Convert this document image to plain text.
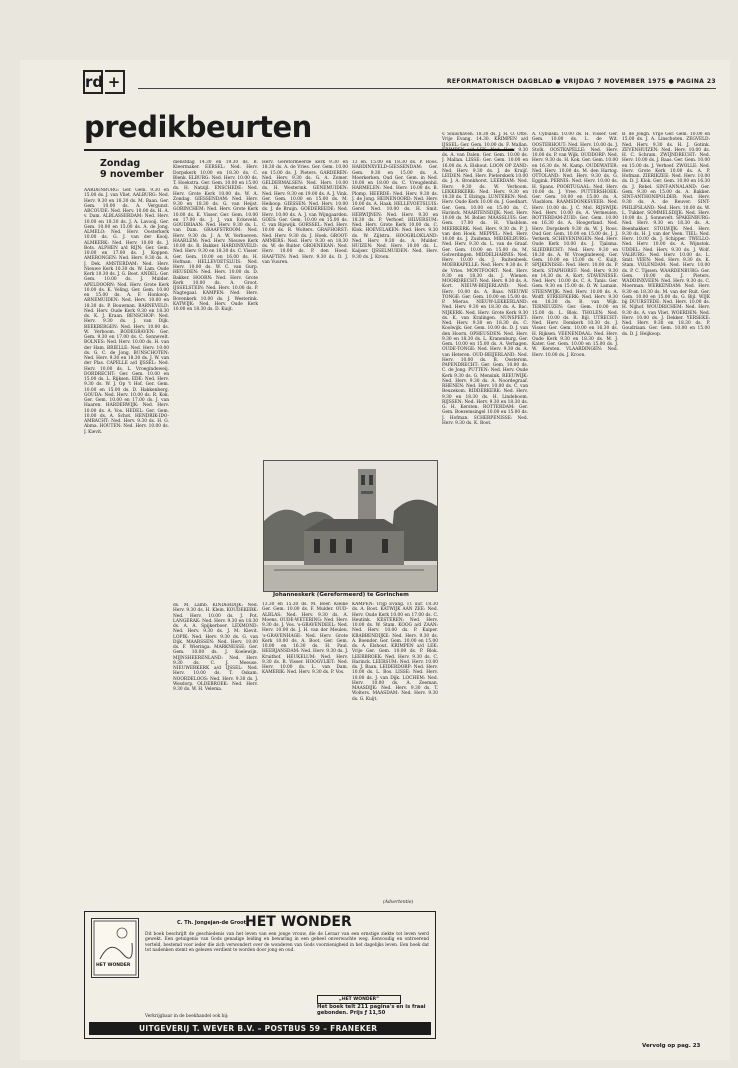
rd +	REFORMATORISCH DAGBLAD ● VRIJDAG 7 NOVEMBER 1975 ● PAGINA 23
predikbeurten
Zondag
9 november

AARDENBURG: Ger. Gem. 9.30 en 15.00 ds. J. van Vliet. AALBURG: Ned. Herv. 9.30 en 18.30 ds. M. Baan. Ger. Gem. 10.00 ds. A. Vergunst. ABCOUDE: Ned. Herv. 10.00 ds. H. A. v. Dam. ALBLASSERDAM: Ned. Herv. 10.00 en 18.30 ds. J. A. Lavooij. Ger. Gem. 10.00 en 15.00 ds. A. de Jong. ALMELO: Ned. Herv. Oosterkerk 10.00 ds. G. J. van der Kooij. ALMKERK: Ned. Herv. 10.00 ds. J. Bots. ALPHEN a/d RIJN: Ger. Gem. 10.00 en 17.00 ds. J. Koppen. AMERONGEN: Ned. Herv. 9.30 ds. A. J. Dek. AMSTERDAM: Ned. Herv. Nieuwe Kerk 10.30 ds. W. Lam. Oude Kerk 10.30 ds. J. G. Boot. ANDEL: Ger. Gem. 10.00 ds. J. Mulder. APELDOORN: Ned. Herv. Grote Kerk 10.00 ds. K. Veling. Ger. Gem. 10.00 en 15.00 ds. A. F. Honkoop. ARNEMUIDEN: Ned. Herv. 10.00 en 18.30 ds. P. Bouwman. BARNEVELD: Ned. Herv. Oude Kerk 9.30 en 18.30 ds. K. J. Kraan. BENSCHOP: Ned. Herv. 9.30 ds. J. van Dijk. BEEKBERGEN: Ned. Herv. 10.00 ds. W. Verboom. BODEGRAVEN: Ger. Gem. 9.30 en 17.00 ds. C. Sonnevelt. BOLNES: Ned. Herv. 10.00 ds. H. van der Ham. BRIELLE: Ned. Herv. 10.00 ds. G. C. de Jong. BUNSCHOTEN: Ned. Herv. 9.30 en 18.30 ds. J. W. van der Plas. CAPELLE a/d IJSSEL: Ned. Herv. 10.00 ds. L. Vroegindeweij. DORDRECHT: Ger. Gem. 10.00 en 15.00 ds. L. Rijksen. EDE: Ned. Herv. 9.30 ds. W. J. Op 't Hof. Ger. Gem. 10.00 en 15.00 ds. D. Hakkenberg. GOUDA: Ned. Herv. 10.00 ds. R. Kok. Ger. Gem. 10.00 en 17.00 ds. J. van Haaren. HARDERWIJK: Ned. Herv. 10.00 ds. A. Vos. HEDEL: Ger. Gem. 10.00 ds. A. Schot. HENDRIK-IDO-AMBACHT: Ned. Herv. 9.30 ds. H. G. Abma. HOUTEN: Ned. Herv. 10.00 ds. J. Kievit.

dienstdag 14.30 en 19.30 ds. B. Kleermaker. EERSEL: Ned. Herv. Dorpskerk 10.00 en 18.30 ds. C. Blenk. ELBURG: Ned. Herv. 10.00 ds. T. Hoekstra. Ger. Gem. 10.00 en 15.00 ds. H. Natzijl. ENSCHEDE: Ned. Herv. Grote Kerk 10.00 ds. W. A. Zondag. GIESSENDAM: Ned. Herv. 9.30 en 18.30 ds. G. van Heijst. GORINCHEM: Ned. Herv. Grote Kerk 10.00 ds. K. Visser. Ger. Gem. 10.00 en 17.00 ds. J. J. van Eckeveld. GOUDRIAAN: Ned. Herv. 9.30 ds. L. van Dam. GRAAFSTROOM: Ned. Herv. 9.30 ds. J. A. W. Verhoeven. HAARLEM: Ned. Herv. Nieuwe Kerk 10.00 ds. R. Bakker. HARDINXVELD: Ned. Herv. 9.30 en 18.30 ds. C. Visser. Ger. Gem. 10.00 en 16.00 ds. H. Hofman. HELLEVOETSLUIS: Ned. Herv. 10.00 ds. W. C. van Gurp. HEUSDEN: Ned. Herv. 10.00 ds. D. Bakker. HOORN: Ned. Herv. Grote Kerk 10.00 ds. A. Groot. IJSSELSTEIN: Ned. Herv. 10.00 ds. P. Nagtegaal. KAMPEN: Ned. Herv. Bovenkerk 10.00 ds. J. Westerink. KATWIJK: Ned. Herv. Oude Kerk 10.00 en 18.30 ds. D. Kuijt.

Herv. Gereformeerde kerk 9.30 en 18.30 ds. A. de Vries. Ger. Gem. 10.00 en 15.00 ds. J. Pieters. GARDEREN: Ned. Herv. 9.30 ds. G. A. Zomer. GELDERMALSEN: Ned. Herv. 10.00 ds. H. Westerink. GENEMUIDEN: Ned. Herv. 9.30 en 19.00 ds. A. J. Vink. Ger. Gem. 10.00 en 15.00 ds. M. Heikoop. GIESSEN: Ned. Herv. 10.00 ds. J. de Bruijn. GOEDEREEDE: Ned. Herv. 10.00 ds. A. J. van Wijngaarden. GOES: Ger. Gem. 10.00 en 15.00 ds. C. van Rijswijk. GORSSEL: Ned. Herv. 10.00 ds. B. Wolters. GRAFHORST: Ned. Herv. 9.30 ds. J. Hoek. GROOT-AMMERS: Ned. Herv. 9.30 en 18.30 ds. W. de Ruiter. GROENEKAN: Ned. Herv. 10.00 ds. P. den Hoed. HAAFTEN: Ned. Herv. 9.30 ds. D. J. van Vuuren.

13 en. 15.00 en 18.30 ds. P. Roos. HARDINXVELD-GIESSENDAM: Ger. Gem. 9.30 en 15.00 ds. A. Moerkerken. Oud Ger. Gem. in Ned. 10.00 en 18.00 ds. C. Vreugdenhil. HARMELEN: Ned. Herv. 10.00 ds. B. Plomp. HEERDE: Ned. Herv. 9.30 ds. J. de Jong. HEINENOORD: Ned. Herv. 10.00 ds. A. Haak. HELLEVOETSLUIS: Geref. Ned. 10.00 ds. H. Smit. HERWIJNEN: Ned. Herv. 9.30 en 18.30 ds. P. Verhoef. HILVERSUM: Ned. Herv. Grote Kerk 10.00 ds. C. Klok. HOEVELAKEN: Ned. Herv. 9.30 ds. W. Zijlstra. HOOGBLOKLAND: Ned. Herv. 9.30 ds. A. Mulder. HUIZEN: Ned. Herv. 10.00 ds. L. Kaijser. IJSSELMUIDEN: Ned. Herv. 9.30 ds. J. Kroon.

v. Sluis/haven. 18.30 ds. J. H. O. Otte. Vrije Evang. 14.30. KRIMPEN a/d IJSSEL: Ger. Gem. 10.00 ds. F. Mallan. KRIMPEN a/d LEK: Ned. Herv. 9.30 ds. A. van Dalen. Ger. Gem. 10.00 ds. J. Mallan. LISSE: Ger. Gem. 10.00 en 16.00 ds. A. Elshout. LOON OP ZAND: Ned. Herv. 9.30 ds. J. de Kruijf. LEIDEN: Ned. Herv. Pieterskerk 10.00 ds. J. A. Bronkhorst. LEERDAM: Ned. Herv. 9.30 ds. W. Verboom. LEKKERKERK: Ned. Herv. 9.30 en 18.30 ds. T. Elzinga. LUNTEREN: Ned. Herv. Oude Kerk 10.00 ds. J. Goedhart. Ger. Gem. 10.00 en 15.00 ds. C. Harinck. MAARTENSDIJK: Ned. Herv. 10.00 ds. M. Bolier. MAASSLUIS: Ger. Gem. 17.00 ds. H. Vlasblom. MEERKERK: Ned. Herv. 9.30 ds. P. J. van den Hoek. MEPPEL: Ned. Herv. 10.00 ds. J. Zuidema. MIDDELBURG: Ned. Herv. 9.30 ds. L. van de Graaf. Ger. Gem. 10.00 en 15.00 ds. M. Golverdingen. MIDDELHARNIS: Ned. Herv. 10.00 ds. J. Ruitenbeek. MOERKAPELLE: Ned. Herv. 9.30 ds. P. de Vries. MONTFOORT: Ned. Herv. 9.30 en 18.30 ds. J. Wienen. MOORDRECHT: Ned. Herv. 9.30 ds. A. Kort. NIEUW-BEIJERLAND: Ned. Herv. 10.00 ds. A. Baas. NIEUWE TONGE: Ger. Gem. 10.00 en 15.00 ds. P. Mieras. NIEUW-LEKKERLAND: Ned. Herv. 9.30 en 18.30 ds. A. Bac. NIJKERK: Ned. Herv. Grote Kerk 9.30 ds. K. van Kralingen. NUNSPEET: Ned. Herv. 9.30 en 18.30 ds. C. Koolwijk. Ger. Gem. 10.00 ds. D. J. van den Hoorn. OPHEUSDEN: Ned. Herv. 9.30 en 18.30 ds. L. Kranenburg. Ger. Gem. 10.00 en 15.00 ds. A. Verhagen. OUDE-TONGE: Ned. Herv. 9.30 ds. A. van Heteren. OUD-BEIJERLAND: Ned. Herv. 10.00 ds. B. Oosterom. PAPENDRECHT: Ger. Gem. 10.00 ds. C. de Jong. PUTTEN: Ned. Herv. Oude Kerk 9.30 ds. G. Mensink. REEUWIJK: Ned. Herv. 9.30 ds. A. Noordegraaf. RHENEN: Ned. Herv. 10.00 ds. C. van Beuzekom. RIDDERKERK: Ned. Herv. 9.30 en 18.30 ds. H. Lindeboom. RIJSSEN: Ned. Herv. 9.30 en 18.30 ds. G. H. Kersten. ROTTERDAM: Ger. Gem. Boezemsingel 10.00 en 15.00 ds. J. Hofman. SCHERPENISSE: Ned. Herv. 9.30 ds. K. Boot.

A. Cybulski. 10.00 ds. H. Visser. Ger. Gem. 10.00 ds. L. de Wit. OOSTERHOUT: Ned. Herv. 10.00 ds. J. Stolk. OOSTKAPELLE: Ned. Herv. 10.00 ds. P. van Wijk. OUDDORP: Ned. Herv. 9.30 ds. H. Kok. Ger. Gem. 10.00 en 16.30 ds. M. Kamp. OUDEWATER: Ned. Herv. 10.00 ds. M. den Hartog. OTTOLAND: Ned. Herv. 9.30 ds. G. Eggink. PERNIS: Ned. Herv. 10.00 ds. H. Spans. POORTUGAAL: Ned. Herv. 10.00 ds. J. Vree. PUTTERSHOEK: Ger. Gem. 10.00 en 15.00 ds. A. Vlasblom. RAAMSDONKSVEER: Ned. Herv. 10.00 ds. J. C. Mol. RIJSWIJK: Ned. Herv. 10.00 ds. A. Vermeulen. ROTTERDAM-ZUID: Ger. Gem. 10.00 en 16.30 ds. A. Hoogerland. Ned. Herv. Dorpskerk 9.30 ds. W. J. Roos. Oud Ger. Gem. 10.00 en 15.00 ds. J. J. Verkerk. SCHEVENINGEN: Ned. Herv. Oude Kerk 10.00 ds. J. Tjalsma. SLIEDRECHT: Ned. Herv. 9.30 en 18.30 ds. A. W. Vroegindeweij. Ger. Gem. 10.00 en 15.00 ds. C. Kuijt. SPIJKENISSE: Ned. Herv. 10.00 ds. P. Sterk. STAPHORST: Ned. Herv. 9.30 en 14.30 ds. A. Kort. STAVENISSE: Ned. Herv. 10.00 ds. C. A. Tanis. Ger. Gem. 9.30 en 15.00 ds. D. W. Lamain. STEENWIJK: Ned. Herv. 10.00 ds. A. Wolff. STREEFKERK: Ned. Herv. 9.30 en 18.30 ds. B. van Wijk. TERNEUZEN: Ger. Gem. 10.00 en 15.00 ds. L. Blok. THOLEN: Ned. Herv. 10.00 ds. R. Bijl. UTRECHT: Ned. Herv. Domkerk 10.30 ds. J. Visser. Ger. Gem. 10.00 en 16.30 ds. H. Rijksen. VEENENDAAL: Ned. Herv. Oude Kerk 9.30 en 18.30 ds. M. J. Kater. Ger. Gem. 10.00 en 15.00 ds. J. W. Kersten. VLAARDINGEN: Ned. Herv. 10.00 ds. J. Kroon.

B. de Jongh. Vrije Ger. Gem. 10.00 en 15.00 ds. J. A. Linschoten. ZEGVELD: Ned. Herv. 9.30 ds. H. J. Gotink. ZEVENHUIZEN: Ned. Herv. 10.00 ds. H. C. Schram. ZWIJNDRECHT: Ned. Herv. 10.00 ds. J. Baas. Ger. Gem. 10.00 en 15.00 ds. J. Verhoef. ZWOLLE: Ned. Herv. Grote Kerk 10.00 ds. A. P. Hofman. ZIERIKZEE: Ned. Herv. 10.00 ds. D. J. Klok. Ger. Gem. 10.00 en 16.30 ds. J. Rebel. SINT-ANNALAND: Ger. Gem. 9.30 en 15.00 ds. A. Bakker. SINT-ANTHONIPOLDER: Ned. Herv. 9.30 ds. A. de Reuver. SINT-PHILIPSLAND: Ned. Herv. 10.00 ds. W. L. Tukker. SOMMELSDIJK: Ned. Herv. 10.00 ds. J. Sonnevelt. SPAKENBURG: Ned. Herv. 9.30 en 18.30 ds. A. Beenhakker. STOLWIJK: Ned. Herv. 9.30 ds. H. J. van der Veen. TIEL: Ned. Herv. 10.00 ds. J. Schipper. TWELLO: Ned. Herv. 10.00 ds. A. Wijnstok. UDDEL: Ned. Herv. 9.30 ds. J. Wolf. VALBURG: Ned. Herv. 10.00 ds. L. Smit. VEEN: Ned. Herv. 9.30 ds. K. Stam. VOLENDAM: Ned. Herv. 10.00 ds. P. C. Tijssen. WAARDENBURG: Ger. Gem. 10.00 ds. J. Pieters. WADDINXVEEN: Ned. Herv. 9.30 ds. C. Moerman. WERKENDAM: Ned. Herv. 9.30 en 18.30 ds. M. van der Ruit. Ger. Gem. 10.00 en 15.00 ds. G. Bijl. WIJK bij DUURSTEDE: Ned. Herv. 10.00 ds. H. Nijhof. WOUDRICHEM: Ned. Herv. 9.30 ds. A. van Vliet. WOERDEN: Ned. Herv. 10.00 ds. J. Dekker. YERSEKE: Ned. Herv. 9.30 en 18.30 ds. P. Goudriaan. Ger. Gem. 10.00 en 15.00 ds. D. J. Heijkoop.

ds. M. Lamb. KINDERDIJK: Ned. Herv. 9.30 ds. H. Klein. KOUDEKERK: Ned. Herv. 10.00 ds. J. Pot. LANGERAK: Ned. Herv. 9.30 en 18.30 ds. A. A. Spijkerboer. LEXMOND: Ned. Herv. 9.30 ds. J. M. Kievit. LOPIK: Ned. Herv. 9.30 ds. G. van Dijk. MAARSSEN: Ned. Herv. 10.00 ds. F. Wieringa. MARKNESSE: Ger. Gem. 10.00 ds. J. Koelewijn. MIJNSHEERENLAND: Ned. Herv. 9.30 ds. C. J. Meeuse. NIEUWERKERK a/d IJSSEL: Ned. Herv. 10.00 ds. T. Oskam. NOORDELOOS: Ned. Herv. 9.30 ds. J. Wesdorp. OLDEBROEK: Ned. Herv. 9.30 ds. W. H. Velema.

13.30 en 15.30 ds. M. Boer. Kleine Ger. Gem. 10.00 ds. F. Mulder. OUD-ALBLAS: Ned. Herv. 9.30 ds. A. Moens. OUDE-WETERING: Ned. Herv. 9.30 ds. J. Vos. 's-GRAVENDEEL: Ned. Herv. 10.00 ds. J. H. van der Meulen. 's-GRAVENHAGE: Ned. Herv. Grote Kerk 10.00 ds. A. Boot. Ger. Gem. 10.00 en 16.30 ds. H. Paul. HEERJANSDAM: Ned. Herv. 9.30 ds. J. Kruithof. HEUKELUM: Ned. Herv. 9.30 ds. R. Visser. HOOGVLIET: Ned. Herv. 10.00 ds. L. van Dam. KAMERIK: Ned. Herv. 9.30 ds. P. Vos.

KAMPEN: Trijp Evang. 11 uur. 18.30 ds. A. Boot. KATWIJK AAN ZEE: Ned. Herv. Oude Kerk 10.00 en 17.00 ds. C. Heutink. KESTEREN: Ned. Herv. 10.00 ds. W. Stam. KOOG a/d ZAAN: Ned. Herv. 10.00 ds. P. Kuiper. KRABBENDIJKE: Ned. Herv. 9.30 ds. A. Boender. Ger. Gem. 10.00 en 15.00 ds. A. Elshout. KRIMPEN a/d LEK: Vrije Ger. Gem. 10.00 ds. P. Blok. LEERBROEK: Ned. Herv. 9.30 ds. C. Harinck. LEERSUM: Ned. Herv. 10.00 ds. J. Baan. LEIDERDORP: Ned. Herv. 10.00 ds. L. Bos. LISSE: Ned. Herv. 10.00 ds. J. van Dijk. LOCHEM: Ned. Herv. 10.00 ds. A. Zeeman. MAASDIJK: Ned. Herv. 9.30 ds. T. Wolters. MAASDAM: Ned. Herv. 9.30 ds. G. Kuijt.

Johanneskerk (Gereformeerd) te Gorinchem
(Advertentie)
HET WONDER
C. Th. Jongejan-de Groot
HET WONDER
Dit boek beschrijft de geschiedenis van het leven van een jonge vrouw, die de Leraar van een ernstige ziekte tot leven werd gewekt. Een getuigenis van Gods genadige leiding en bewaring in een geheel onverwachte weg. Eenvoudig en ontroerend verteld, bestemd voor ieder die zich verwondert over de wonderen van Gods voorzienigheid in het dagelijks leven. Een boek dat tot nadenken stemt en gelezen verdient te worden door jong en oud.
„HET WONDER”
Het boek telt 211 pagina's en is fraai gebonden. Prijs ƒ 11,50
Verkrijgbaar in de boekhandel ook bij:
UITGEVERIJ T. WEVER B.V. – POSTBUS 59 – FRANEKER
Vervolg op pag. 23
